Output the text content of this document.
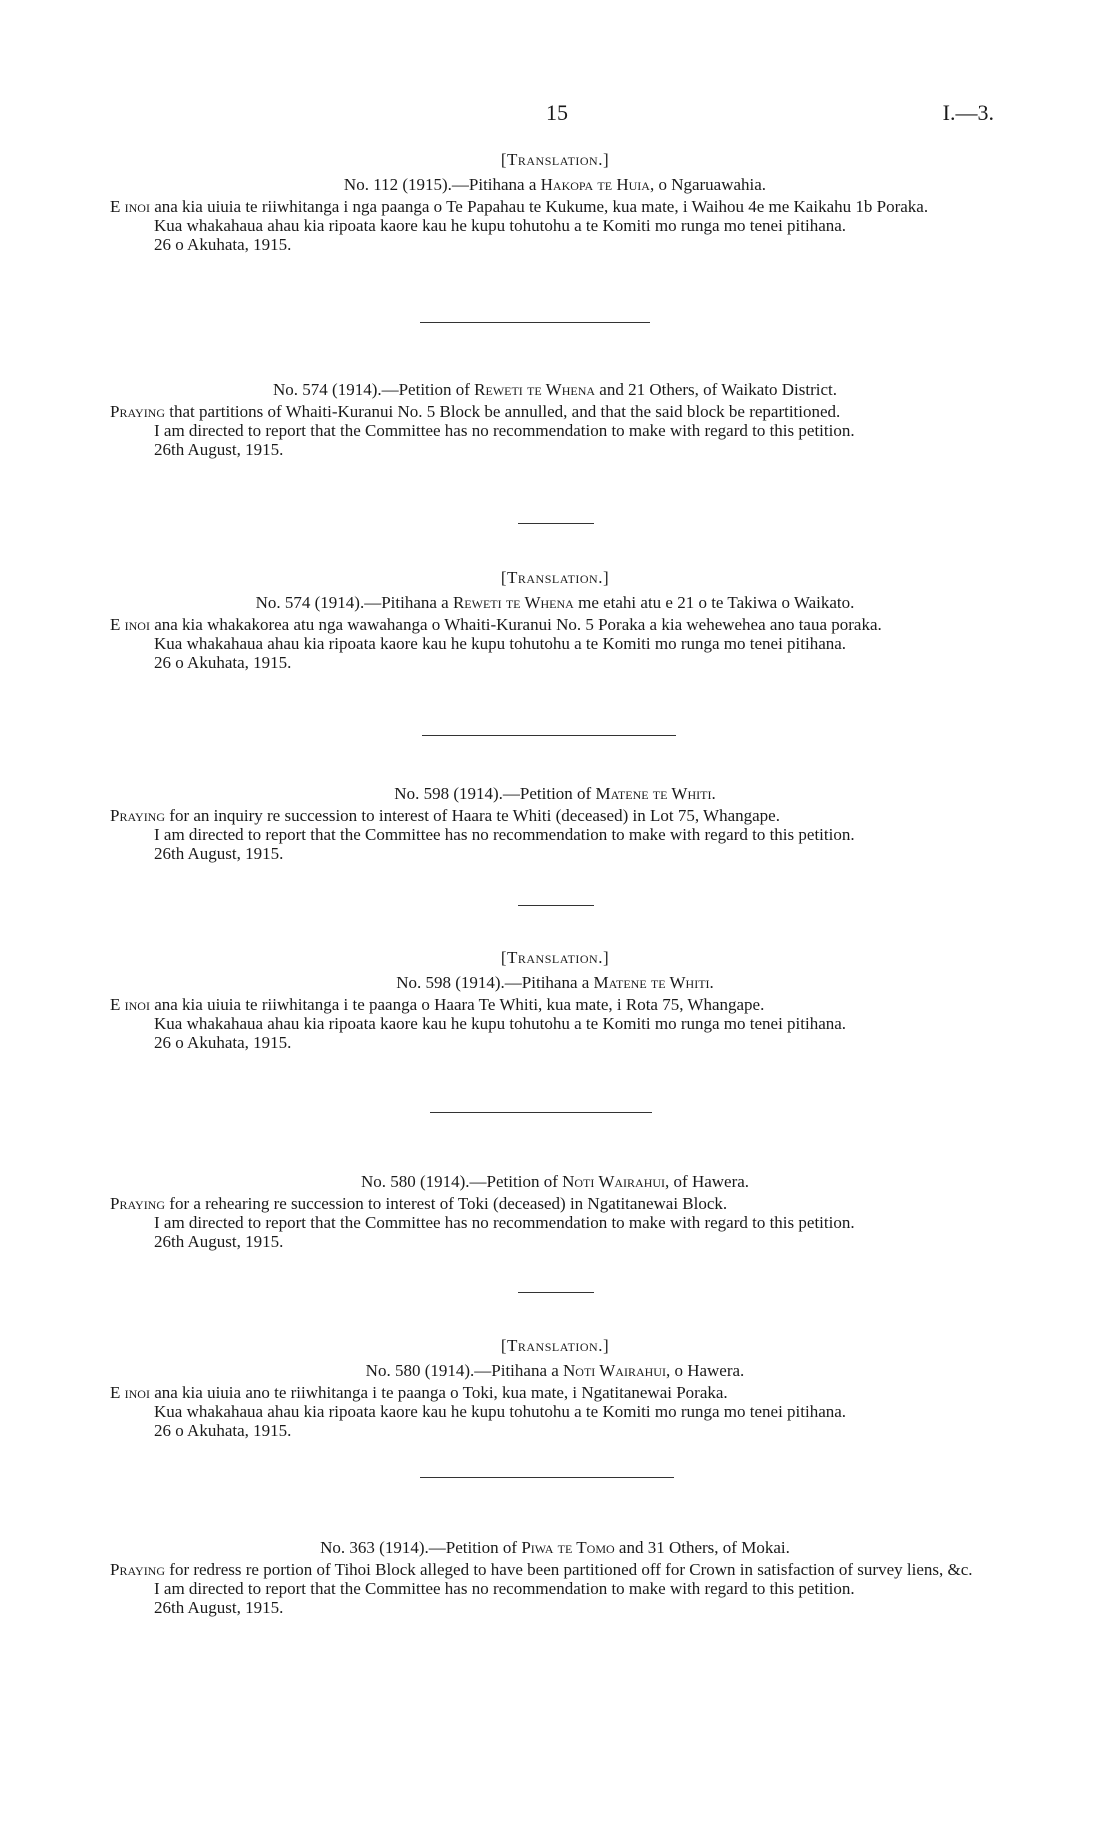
15	I.—3.
[Translation.]
No. 112 (1915).—Pitihana a Hakopa te Huia, o Ngaruawahia.
E inoi ana kia uiuia te riiwhitanga i nga paanga o Te Papahau te Kukume, kua mate, i Waihou 4e me Kaikahu 1b Poraka.
Kua whakahaua ahau kia ripoata kaore kau he kupu tohutohu a te Komiti mo runga mo tenei pitihana.
26 o Akuhata, 1915.
No. 574 (1914).—Petition of Reweti te Whena and 21 Others, of Waikato District.
Praying that partitions of Whaiti-Kuranui No. 5 Block be annulled, and that the said block be repartitioned.
I am directed to report that the Committee has no recommendation to make with regard to this petition.
26th August, 1915.
[Translation.]
No. 574 (1914).—Pitihana a Reweti te Whena me etahi atu e 21 o te Takiwa o Waikato.
E inoi ana kia whakakorea atu nga wawahanga o Whaiti-Kuranui No. 5 Poraka a kia wehewehea ano taua poraka.
Kua whakahaua ahau kia ripoata kaore kau he kupu tohutohu a te Komiti mo runga mo tenei pitihana.
26 o Akuhata, 1915.
No. 598 (1914).—Petition of Matene te Whiti.
Praying for an inquiry re succession to interest of Haara te Whiti (deceased) in Lot 75, Whangape.
I am directed to report that the Committee has no recommendation to make with regard to this petition.
26th August, 1915.
[Translation.]
No. 598 (1914).—Pitihana a Matene te Whiti.
E inoi ana kia uiuia te riiwhitanga i te paanga o Haara Te Whiti, kua mate, i Rota 75, Whangape.
Kua whakahaua ahau kia ripoata kaore kau he kupu tohutohu a te Komiti mo runga mo tenei pitihana.
26 o Akuhata, 1915.
No. 580 (1914).—Petition of Noti Wairahui, of Hawera.
Praying for a rehearing re succession to interest of Toki (deceased) in Ngatitanewai Block.
I am directed to report that the Committee has no recommendation to make with regard to this petition.
26th August, 1915.
[Translation.]
No. 580 (1914).—Pitihana a Noti Wairahui, o Hawera.
E inoi ana kia uiuia ano te riiwhitanga i te paanga o Toki, kua mate, i Ngatitanewai Poraka.
Kua whakahaua ahau kia ripoata kaore kau he kupu tohutohu a te Komiti mo runga mo tenei pitihana.
26 o Akuhata, 1915.
No. 363 (1914).—Petition of Piwa te Tomo and 31 Others, of Mokai.
Praying for redress re portion of Tihoi Block alleged to have been partitioned off for Crown in satisfaction of survey liens, &c.
I am directed to report that the Committee has no recommendation to make with regard to this petition.
26th August, 1915.
